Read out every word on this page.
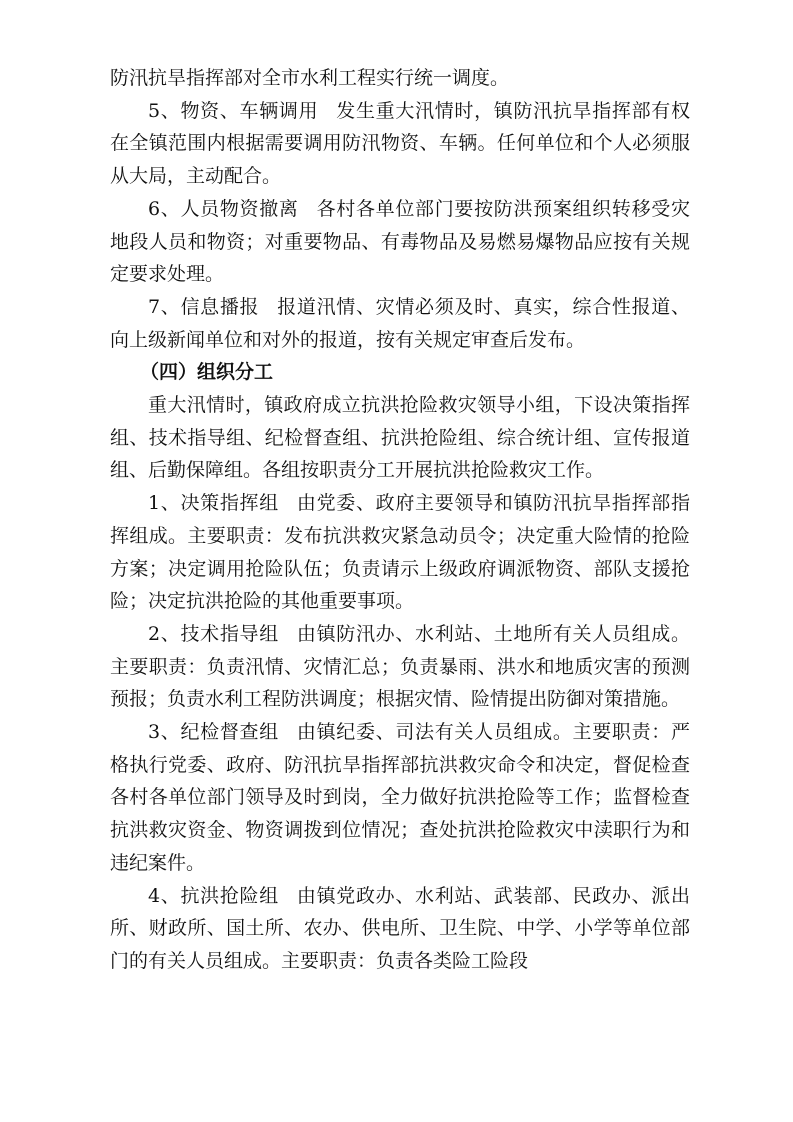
防汛抗旱指挥部对全市水利工程实行统一调度。

5、物资、车辆调用 发生重大汛情时，镇防汛抗旱指挥部有权在全镇范围内根据需要调用防汛物资、车辆。任何单位和个人必须服从大局，主动配合。

6、人员物资撤离 各村各单位部门要按防洪预案组织转移受灾地段人员和物资；对重要物品、有毒物品及易燃易爆物品应按有关规定要求处理。

7、信息播报 报道汛情、灾情必须及时、真实，综合性报道、向上级新闻单位和对外的报道，按有关规定审查后发布。

（四）组织分工

重大汛情时，镇政府成立抗洪抢险救灾领导小组，下设决策指挥组、技术指导组、纪检督查组、抗洪抢险组、综合统计组、宣传报道组、后勤保障组。各组按职责分工开展抗洪抢险救灾工作。

1、决策指挥组 由党委、政府主要领导和镇防汛抗旱指挥部指挥组成。主要职责：发布抗洪救灾紧急动员令；决定重大险情的抢险方案；决定调用抢险队伍；负责请示上级政府调派物资、部队支援抢险；决定抗洪抢险的其他重要事项。

2、技术指导组 由镇防汛办、水利站、土地所有关人员组成。主要职责：负责汛情、灾情汇总；负责暴雨、洪水和地质灾害的预测预报；负责水利工程防洪调度；根据灾情、险情提出防御对策措施。

3、纪检督查组 由镇纪委、司法有关人员组成。主要职责：严格执行党委、政府、防汛抗旱指挥部抗洪救灾命令和决定，督促检查各村各单位部门领导及时到岗，全力做好抗洪抢险等工作；监督检查抗洪救灾资金、物资调拨到位情况；查处抗洪抢险救灾中渎职行为和违纪案件。

4、抗洪抢险组 由镇党政办、水利站、武装部、民政办、派出所、财政所、国土所、农办、供电所、卫生院、中学、小学等单位部门的有关人员组成。主要职责：负责各类险工险段
